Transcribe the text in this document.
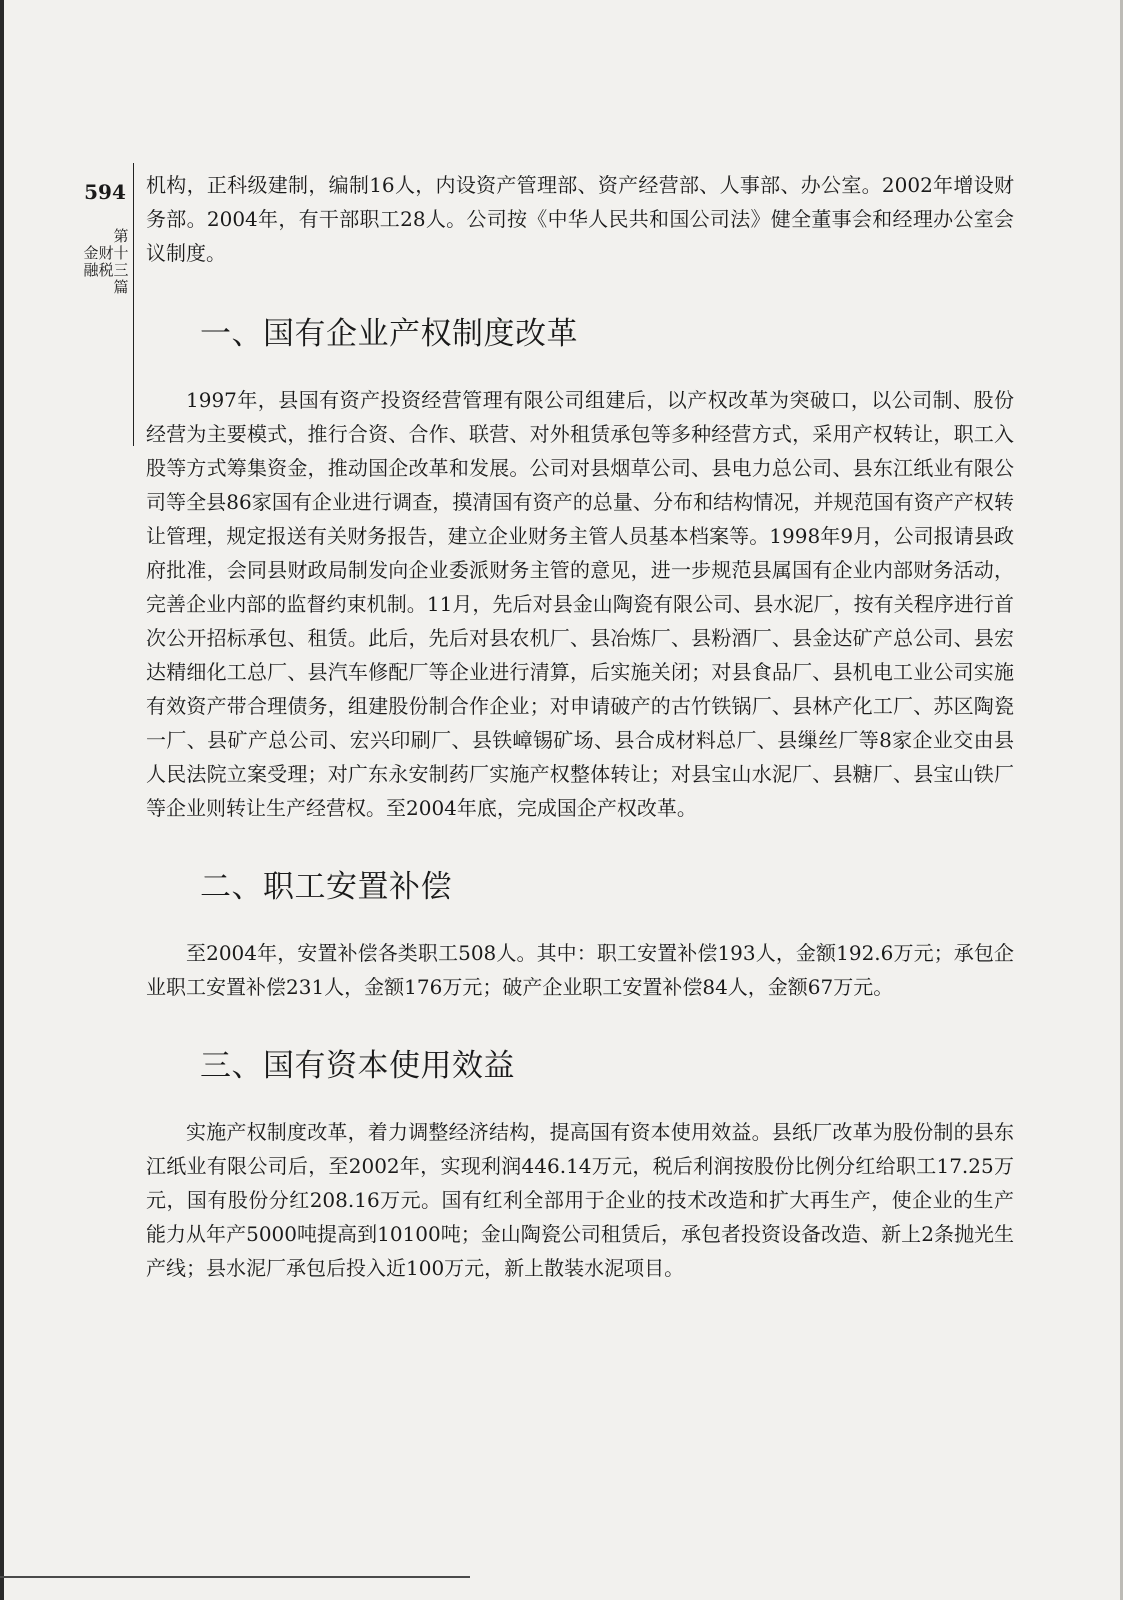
594
第十三篇
财税
金融

机构，正科级建制，编制16人，内设资产管理部、资产经营部、人事部、办公室。2002年增设财务部。2004年，有干部职工28人。公司按《中华人民共和国公司法》健全董事会和经理办公室会议制度。

一、国有企业产权制度改革

1997年，县国有资产投资经营管理有限公司组建后，以产权改革为突破口，以公司制、股份经营为主要模式，推行合资、合作、联营、对外租赁承包等多种经营方式，采用产权转让，职工入股等方式筹集资金，推动国企改革和发展。公司对县烟草公司、县电力总公司、县东江纸业有限公司等全县86家国有企业进行调查，摸清国有资产的总量、分布和结构情况，并规范国有资产产权转让管理，规定报送有关财务报告，建立企业财务主管人员基本档案等。1998年9月，公司报请县政府批准，会同县财政局制发向企业委派财务主管的意见，进一步规范县属国有企业内部财务活动，完善企业内部的监督约束机制。11月，先后对县金山陶瓷有限公司、县水泥厂，按有关程序进行首次公开招标承包、租赁。此后，先后对县农机厂、县冶炼厂、县粉酒厂、县金达矿产总公司、县宏达精细化工总厂、县汽车修配厂等企业进行清算，后实施关闭；对县食品厂、县机电工业公司实施有效资产带合理债务，组建股份制合作企业；对申请破产的古竹铁锅厂、县林产化工厂、苏区陶瓷一厂、县矿产总公司、宏兴印刷厂、县铁嶂锡矿场、县合成材料总厂、县缫丝厂等8家企业交由县人民法院立案受理；对广东永安制药厂实施产权整体转让；对县宝山水泥厂、县糖厂、县宝山铁厂等企业则转让生产经营权。至2004年底，完成国企产权改革。

二、职工安置补偿

至2004年，安置补偿各类职工508人。其中：职工安置补偿193人，金额192.6万元；承包企业职工安置补偿231人，金额176万元；破产企业职工安置补偿84人，金额67万元。

三、国有资本使用效益

实施产权制度改革，着力调整经济结构，提高国有资本使用效益。县纸厂改革为股份制的县东江纸业有限公司后，至2002年，实现利润446.14万元，税后利润按股份比例分红给职工17.25万元，国有股份分红208.16万元。国有红利全部用于企业的技术改造和扩大再生产，使企业的生产能力从年产5000吨提高到10100吨；金山陶瓷公司租赁后，承包者投资设备改造、新上2条抛光生产线；县水泥厂承包后投入近100万元，新上散装水泥项目。
